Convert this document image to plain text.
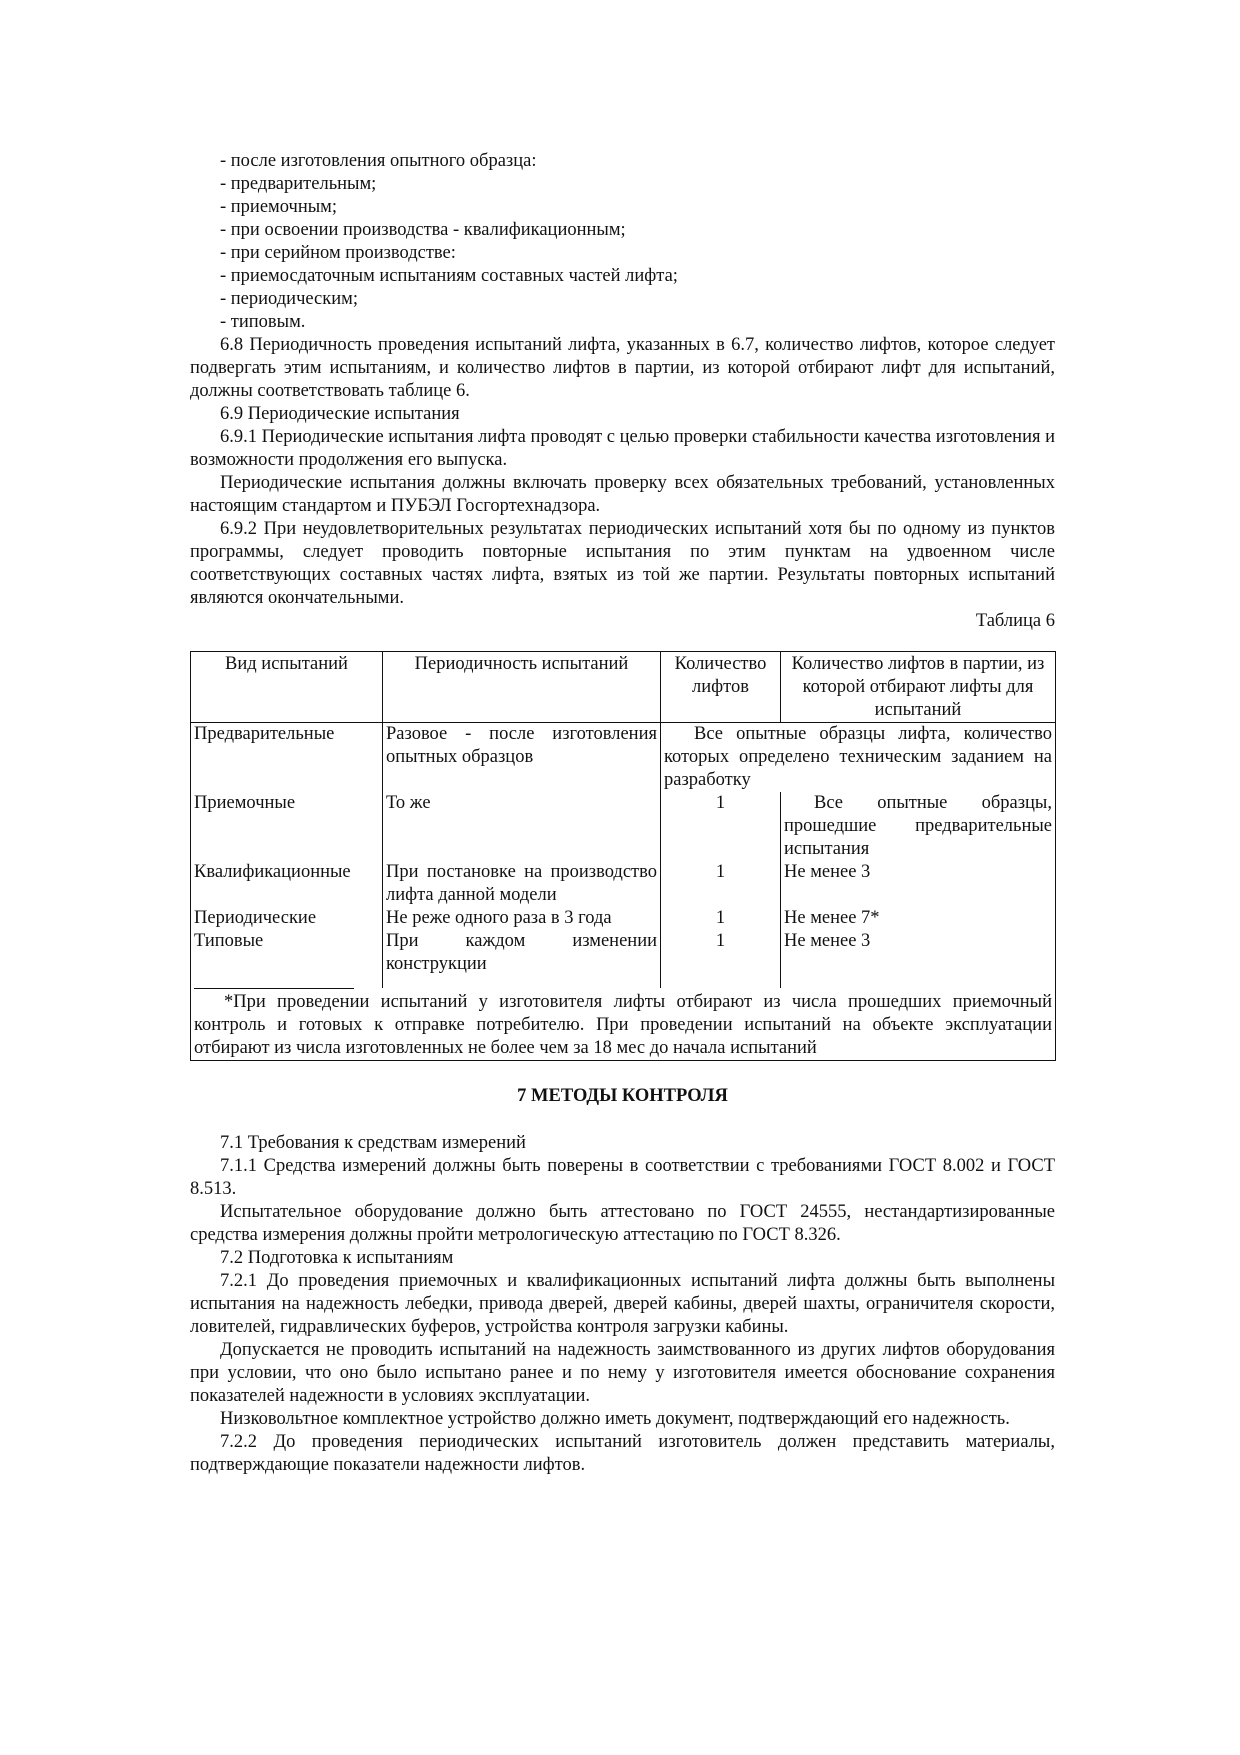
- после изготовления опытного образца:

- предварительным;

- приемочным;

- при освоении производства - квалификационным;

- при серийном производстве:

- приемосдаточным испытаниям составных частей лифта;

- периодическим;

- типовым.

6.8 Периодичность проведения испытаний лифта, указанных в 6.7, количество лифтов, которое следует подвергать этим испытаниям, и количество лифтов в партии, из которой отбирают лифт для испытаний, должны соответствовать таблице 6.

6.9 Периодические испытания

6.9.1 Периодические испытания лифта проводят с целью проверки стабильности качества изготовления и возможности продолжения его выпуска.

Периодические испытания должны включать проверку всех обязательных требований, установленных настоящим стандартом и ПУБЭЛ Госгортехнадзора.

6.9.2 При неудовлетворительных результатах периодических испытаний хотя бы по одному из пунктов программы, следует проводить повторные испытания по этим пунктам на удвоенном числе соответствующих составных частях лифта, взятых из той же партии. Результаты повторных испытаний являются окончательными.

Таблица 6

Вид испытаний	Периодичность испытаний	Количество лифтов	Количество лифтов в партии, из которой отбирают лифты для испытаний
Предварительные	Разовое - после изготовления опытных образцов	Все опытные образцы лифта, количество которых определено техническим заданием на разработку	
Приемочные	То же	1	Все опытные образцы, прошедшие предварительные испытания
Квалификационные	При постановке на производство лифта данной модели	1	Не менее 3
Периодические	Не реже одного раза в 3 года	1	Не менее 7*
Типовые	При каждом изменении конструкции	1	Не менее 3

*При проведении испытаний у изготовителя лифты отбирают из числа прошедших приемочный контроль и готовых к отправке потребителю. При проведении испытаний на объекте эксплуатации отбирают из числа изготовленных не более чем за 18 мес до начала испытаний			

7 МЕТОДЫ КОНТРОЛЯ

7.1 Требования к средствам измерений

7.1.1 Средства измерений должны быть поверены в соответствии с требованиями ГОСТ 8.002 и ГОСТ 8.513.

Испытательное оборудование должно быть аттестовано по ГОСТ 24555, нестандартизированные средства измерения должны пройти метрологическую аттестацию по ГОСТ 8.326.

7.2 Подготовка к испытаниям

7.2.1 До проведения приемочных и квалификационных испытаний лифта должны быть выполнены испытания на надежность лебедки, привода дверей, дверей кабины, дверей шахты, ограничителя скорости, ловителей, гидравлических буферов, устройства контроля загрузки кабины.

Допускается не проводить испытаний на надежность заимствованного из других лифтов оборудования при условии, что оно было испытано ранее и по нему у изготовителя имеется обоснование сохранения показателей надежности в условиях эксплуатации.

Низковольтное комплектное устройство должно иметь документ, подтверждающий его надежность.

7.2.2 До проведения периодических испытаний изготовитель должен представить материалы, подтверждающие показатели надежности лифтов.
